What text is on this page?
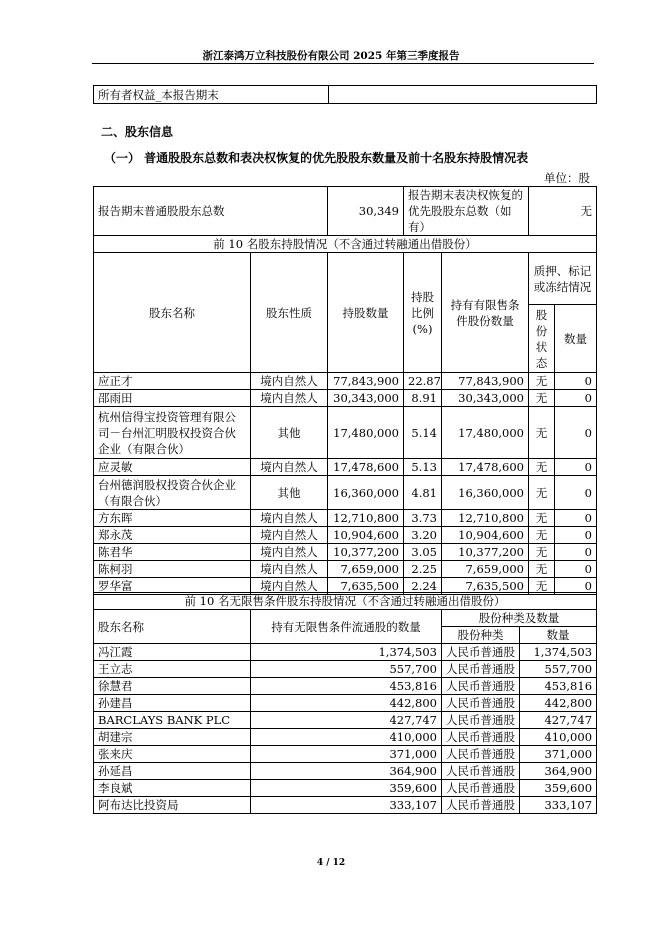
浙江泰鸿万立科技股份有限公司 2025 年第三季度报告
所有者权益_本报告期末	
二、股东信息
（一） 普通股股东总数和表决权恢复的优先股股东数量及前十名股东持股情况表
单位：股
报告期末普通股股东总数		30,349	报告期末表决权恢复的优先股股东总数（如有）		无	
前 10 名股东持股情况（不含通过转融通出借股份）						
股东名称	股东性质	持股数量	持股比例(%)	持有有限售条件股份数量	质押、标记或冻结情况	
					股份状态	数量
应正才	境内自然人	77,843,900	22.87	77,843,900	无	0
邵雨田	境内自然人	30,343,000	8.91	30,343,000	无	0
杭州信得宝投资管理有限公司－台州汇明股权投资合伙企业（有限合伙）	其他	17,480,000	5.14	17,480,000	无	0
应灵敏	境内自然人	17,478,600	5.13	17,478,600	无	0
台州德润股权投资合伙企业（有限合伙）	其他	16,360,000	4.81	16,360,000	无	0
方东晖	境内自然人	12,710,800	3.73	12,710,800	无	0
郑永茂	境内自然人	10,904,600	3.20	10,904,600	无	0
陈君华	境内自然人	10,377,200	3.05	10,377,200	无	0
陈柯羽	境内自然人	7,659,000	2.25	7,659,000	无	0
罗华富	境内自然人	7,635,500	2.24	7,635,500	无	0
前 10 名无限售条件股东持股情况（不含通过转融通出借股份）			
股东名称	持有无限售条件流通股的数量	股份种类及数量	
		股份种类	数量
冯江霞	1,374,503	人民币普通股	1,374,503
王立志	557,700	人民币普通股	557,700
徐慧君	453,816	人民币普通股	453,816
孙建昌	442,800	人民币普通股	442,800
BARCLAYS BANK PLC	427,747	人民币普通股	427,747
胡建宗	410,000	人民币普通股	410,000
张来庆	371,000	人民币普通股	371,000
孙延昌	364,900	人民币普通股	364,900
李良斌	359,600	人民币普通股	359,600
阿布达比投资局	333,107	人民币普通股	333,107
4 / 12
